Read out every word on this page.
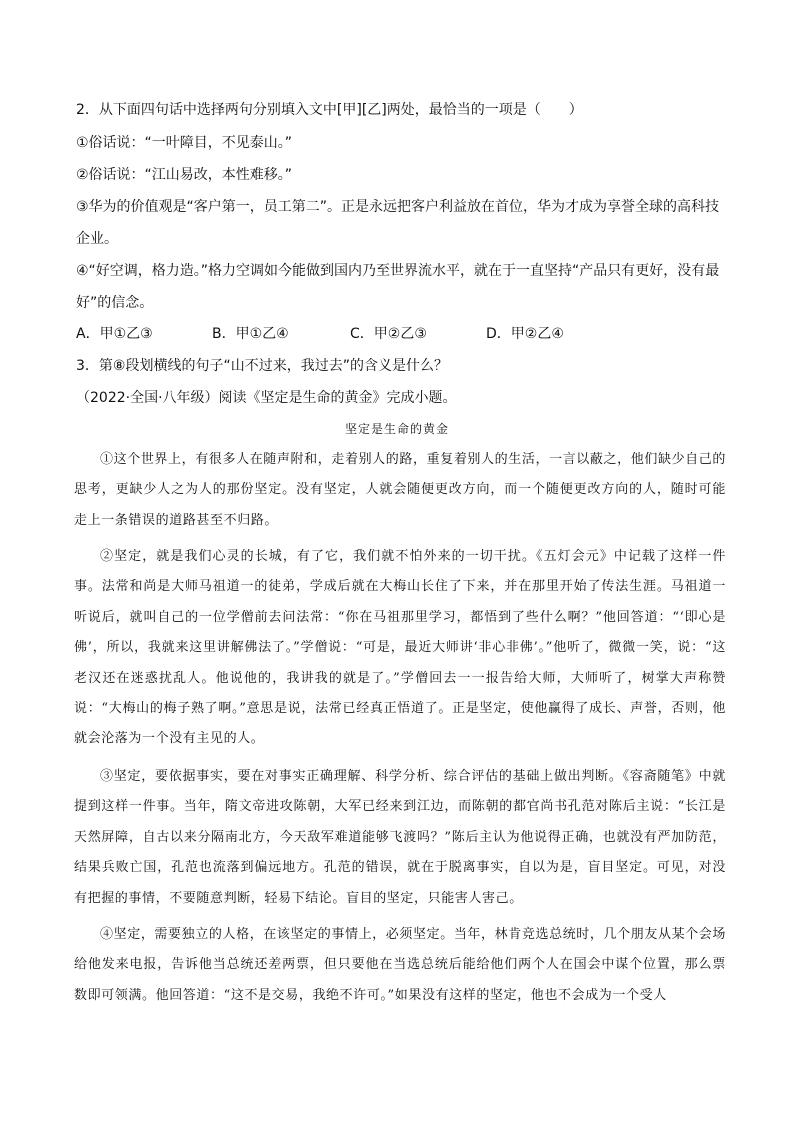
2．从下面四句话中选择两句分别填入文中[甲][乙]两处，最恰当的一项是（　　）
①俗话说：“一叶障目，不见泰山。”
②俗话说：“江山易改，本性难移。”
③华为的价值观是“客户第一，员工第二”。正是永远把客户利益放在首位，华为才成为享誉全球的高科技
企业。
④“好空调，格力造。”格力空调如今能做到国内乃至世界流水平，就在于一直坚持“产品只有更好，没有最
好”的信念。
A．甲①乙③	B．甲①乙④	C．甲②乙③	D．甲②乙④
3．第⑧段划横线的句子“山不过来，我过去”的含义是什么？
（2022·全国·八年级）阅读《坚定是生命的黄金》完成小题。
坚定是生命的黄金

①这个世界上，有很多人在随声附和，走着别人的路，重复着别人的生活，一言以蔽之，他们缺少自己的思考，更缺少人之为人的那份坚定。没有坚定，人就会随便更改方向，而一个随便更改方向的人，随时可能走上一条错误的道路甚至不归路。

②坚定，就是我们心灵的长城，有了它，我们就不怕外来的一切干扰。《五灯会元》中记载了这样一件事。法常和尚是大师马祖道一的徒弟，学成后就在大梅山长住了下来，并在那里开始了传法生涯。马祖道一听说后，就叫自己的一位学僧前去问法常：“你在马祖那里学习，都悟到了些什么啊？”他回答道：“‘即心是佛’，所以，我就来这里讲解佛法了。”学僧说：“可是，最近大师讲‘非心非佛’。”他听了，微微一笑，说：“这老汉还在迷惑扰乱人。他说他的，我讲我的就是了。”学僧回去一一报告给大师，大师听了，树掌大声称赞说：“大梅山的梅子熟了啊。”意思是说，法常已经真正悟道了。正是坚定，使他赢得了成长、声誉，否则，他就会沦落为一个没有主见的人。

③坚定，要依据事实，要在对事实正确理解、科学分析、综合评估的基础上做出判断。《容斋随笔》中就提到这样一件事。当年，隋文帝进攻陈朝，大军已经来到江边，而陈朝的都官尚书孔范对陈后主说：“长江是天然屏障，自古以来分隔南北方，今天敌军难道能够飞渡吗？”陈后主认为他说得正确，也就没有严加防范，结果兵败亡国，孔范也流落到偏远地方。孔范的错误，就在于脱离事实，自以为是，盲目坚定。可见，对没有把握的事情，不要随意判断，轻易下结论。盲目的坚定，只能害人害己。

④坚定，需要独立的人格，在该坚定的事情上，必须坚定。当年，林肯竞选总统时，几个朋友从某个会场给他发来电报，告诉他当总统还差两票，但只要他在当选总统后能给他们两个人在国会中谋个位置，那么票数即可领满。他回答道：“这不是交易，我绝不许可。”如果没有这样的坚定，他也不会成为一个受人
